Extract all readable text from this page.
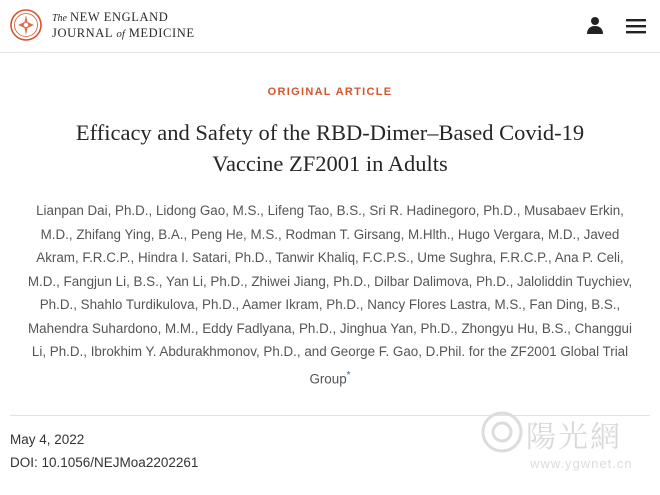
The NEW ENGLAND
JOURNAL of MEDICINE
ORIGINAL ARTICLE
Efficacy and Safety of the RBD-Dimer–Based Covid-19
Vaccine ZF2001 in Adults

Lianpan Dai, Ph.D., Lidong Gao, M.S., Lifeng Tao, B.S., Sri R. Hadinegoro, Ph.D., Musabaev Erkin, M.D., Zhifang Ying, B.A., Peng He, M.S., Rodman T. Girsang, M.Hlth., Hugo Vergara, M.D., Javed Akram, F.R.C.P., Hindra I. Satari, Ph.D., Tanwir Khaliq, F.C.P.S., Ume Sughra, F.R.C.P., Ana P. Celi, M.D., Fangjun Li, B.S., Yan Li, Ph.D., Zhiwei Jiang, Ph.D., Dilbar Dalimova, Ph.D., Jaloliddin Tuychiev, Ph.D., Shahlo Turdikulova, Ph.D., Aamer Ikram, Ph.D., Nancy Flores Lastra, M.S., Fan Ding, B.S., Mahendra Suhardono, M.M., Eddy Fadlyana, Ph.D., Jinghua Yan, Ph.D., Zhongyu Hu, B.S., Changgui Li, Ph.D., Ibrokhim Y. Abdurakhmonov, Ph.D., and George F. Gao, D.Phil. for the ZF2001 Global Trial Group*

May 4, 2022
DOI: 10.1056/NEJMoa2202261
陽光網
www.ygwnet.cn
